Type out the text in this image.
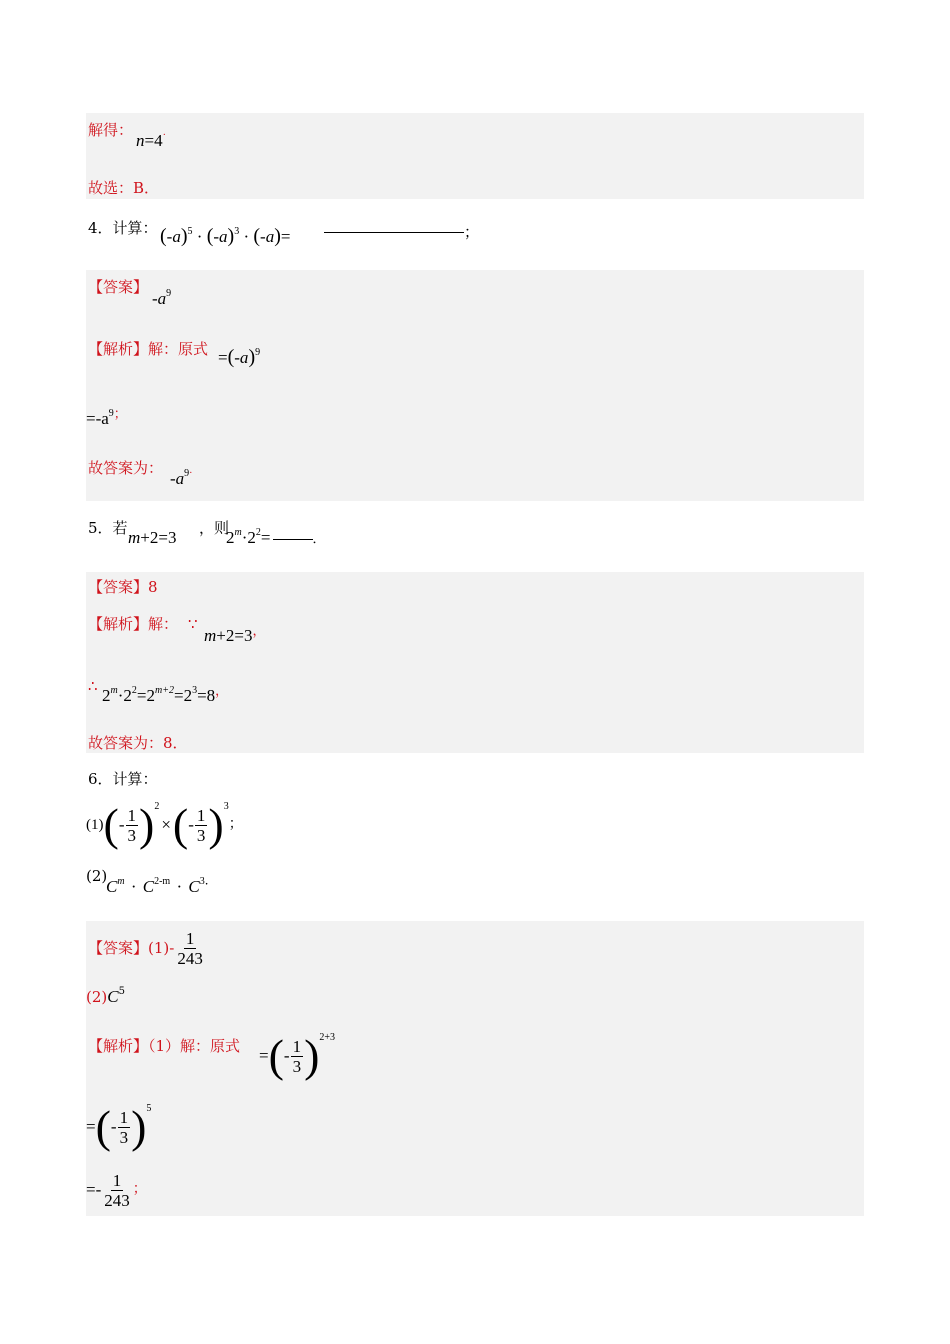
解得：
n=4·
故选：B．
4．计算： $(-a)^5 \cdot (-a)^3 \cdot (-a)=$	；
【答案】
$-a^9$
【解析】解：原式 $=(-a)^9$
$=-a^{9;}$
故答案为：
$-a^{9\cdot}$
5．若 m+2=3 ，则
$2^m\cdot 2^2=$	．
【答案】8
【解析】解： ∵
m+2=3，
∴ $2^m\cdot 2^2=2^{m+2}=2^3=8^,$
故答案为：8．
6．计算：
(1) ( - $\frac{1}{3}$ ) 2
× ( - $\frac{1}{3}$ ) 3
；
(2)
$C^m \cdot C^{2-m} \cdot C^{3.}$
【答案】 $(1)- \frac{1}{243}$
$(2)C^5$
【解析】（1）解：原式 = ( - $\frac{1}{3}$ ) 2+3
= ( - $\frac{1}{3}$ ) 5
=- $\frac{1}{243}$ ；
